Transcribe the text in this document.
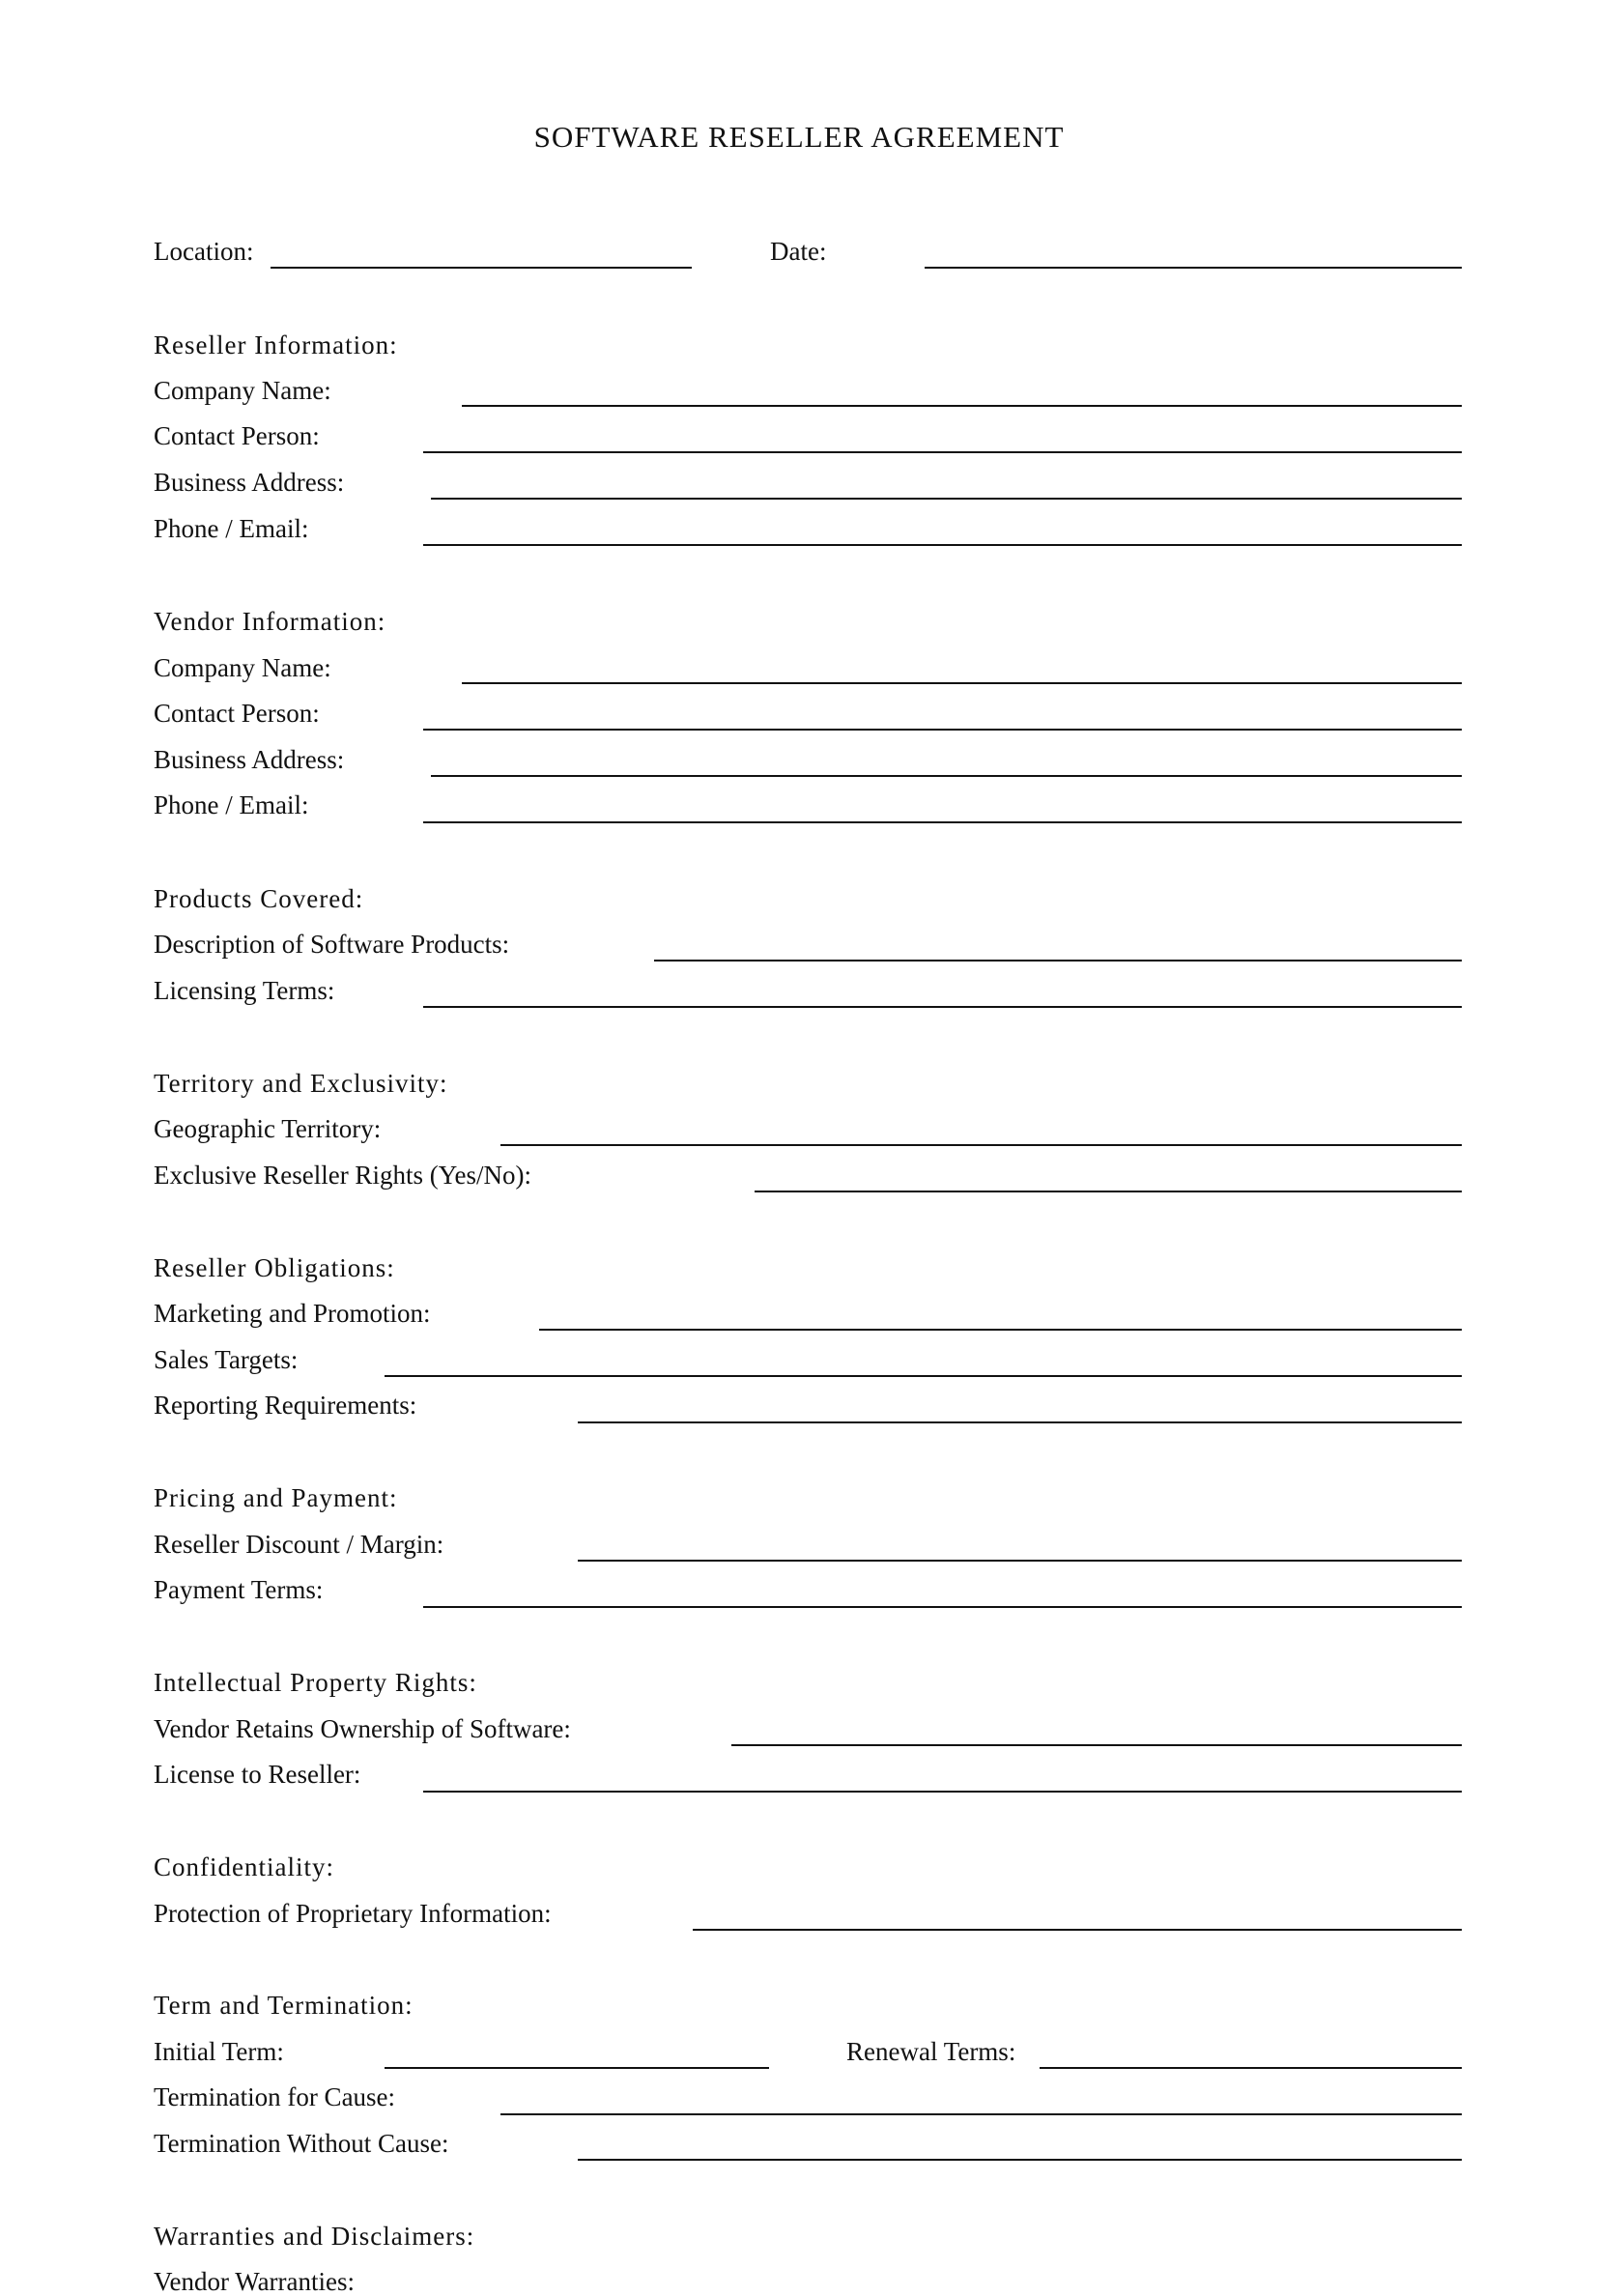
SOFTWARE RESELLER AGREEMENT
Location:	Date:
Reseller Information:
Company Name:
Contact Person:
Business Address:
Phone / Email:
Vendor Information:
Company Name:
Contact Person:
Business Address:
Phone / Email:
Products Covered:
Description of Software Products:
Licensing Terms:
Territory and Exclusivity:
Geographic Territory:
Exclusive Reseller Rights (Yes/No):
Reseller Obligations:
Marketing and Promotion:
Sales Targets:
Reporting Requirements:
Pricing and Payment:
Reseller Discount / Margin:
Payment Terms:
Intellectual Property Rights:
Vendor Retains Ownership of Software:
License to Reseller:
Confidentiality:
Protection of Proprietary Information:
Term and Termination:
Initial Term:	Renewal Terms:
Termination for Cause:
Termination Without Cause:
Warranties and Disclaimers:
Vendor Warranties:
